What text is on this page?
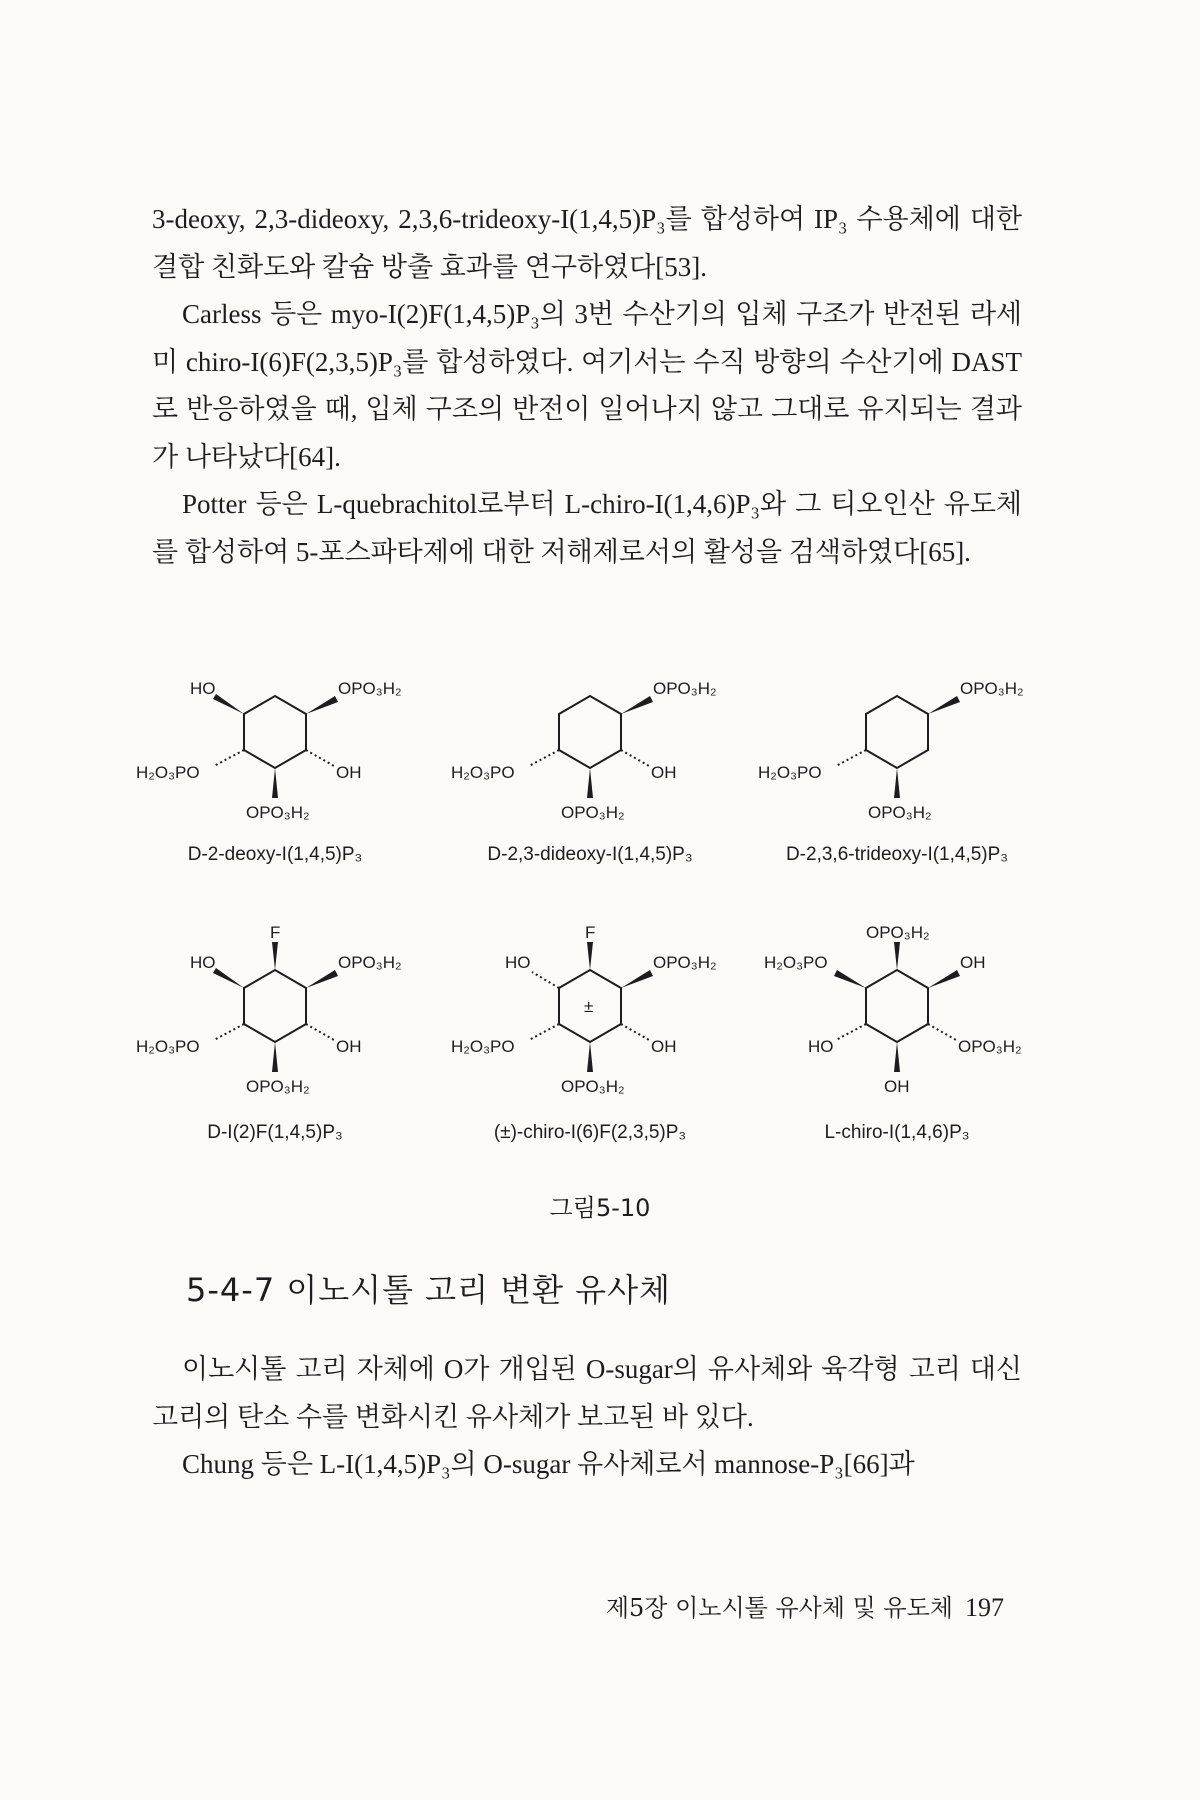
3-deoxy, 2,3-dideoxy, 2,3,6-trideoxy-I(1,4,5)P₃를 합성하여 IP₃ 수용체에 대한 결합 친화도와 칼슘 방출 효과를 연구하였다[53].

Carless 등은 myo-I(2)F(1,4,5)P₃의 3번 수산기의 입체 구조가 반전된 라세미 chiro-I(6)F(2,3,5)P₃를 합성하였다. 여기서는 수직 방향의 수산기에 DAST로 반응하였을 때, 입체 구조의 반전이 일어나지 않고 그대로 유지되는 결과가 나타났다[64].

Potter 등은 L-quebrachitol로부터 L-chiro-I(1,4,6)P₃와 그 티오인산 유도체를 합성하여 5-포스파타제에 대한 저해제로서의 활성을 검색하였다[65].

HO	OPO₃H₂
OH
OPO₃H₂
H₂O₃PO
D-2-deoxy-I(1,4,5)P₃
OPO₃H₂
OH
OPO₃H₂
H₂O₃PO
D-2,3-dideoxy-I(1,4,5)P₃
OPO₃H₂
OPO₃H₂
H₂O₃PO
D-2,3,6-trideoxy-I(1,4,5)P₃
F
HO	OPO₃H₂
OH
OPO₃H₂
H₂O₃PO
D-I(2)F(1,4,5)P₃
F
HO	OPO₃H₂
OH
OPO₃H₂
H₂O₃PO
±
(±)-chiro-I(6)F(2,3,5)P₃
OPO₃H₂
H₂O₃PO	OH
OPO₃H₂
OH
HO
L-chiro-I(1,4,6)P₃
그림5-10
5-4-7 이노시톨 고리 변환 유사체

이노시톨 고리 자체에 O가 개입된 O-sugar의 유사체와 육각형 고리 대신 고리의 탄소 수를 변화시킨 유사체가 보고된 바 있다.

Chung 등은 L-I(1,4,5)P₃의 O-sugar 유사체로서 mannose-P₃[66]과

제5장 이노시톨 유사체 및 유도체 197
